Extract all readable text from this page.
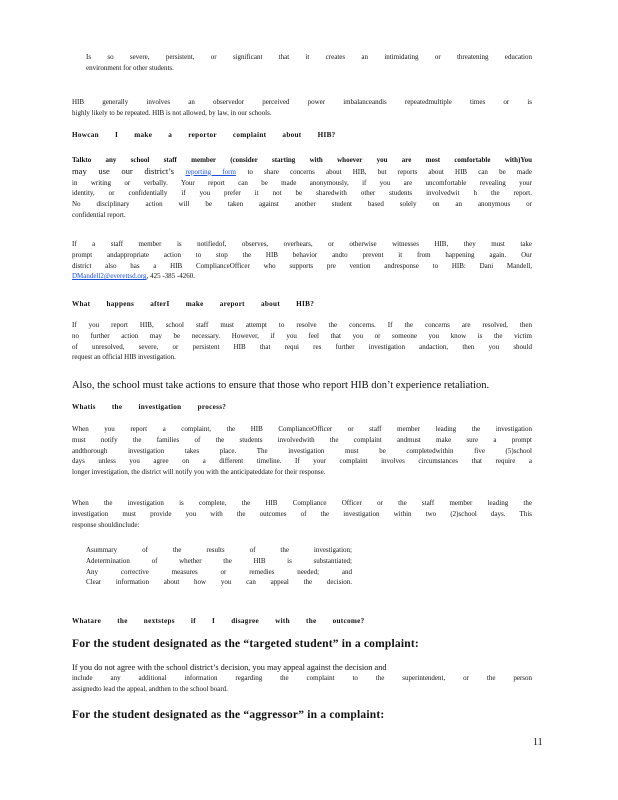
Is so severe, persistent, or significant that it creates an intimidating or threatening education
environment for other students.
HIB generally involves an observedor perceived power imbalanceandis repeatedmultiple times or is
highly likely to be repeated. HIB is not allowed, by law, in our schools.
Howcan I make a reportor complaint about HIB?
Talkto any school staff member (consider starting with whoever you are most comfortable with)You
may use our district’s reporting form to share concerns about HIB, but reports about HIB can be made
in writing or verbally. Your report can be made anonymously, if you are uncomfortable revealing your
identity, or confidentially if you prefer it not be sharedwith other students involvedwit h the report.
No disciplinary action will be taken against another student based solely on an anonymous or
confidential report.
If a staff member is notifiedof, observes, overhears, or otherwise witnesses HIB, they must take
prompt andappropriate action to stop the HIB behavior andto prevent it from happening again. Our
district also has a HIB ComplianceOfficer who supports pre vention andresponse to HIB: Dani Mandell,
DMandell2@everettsd.org, 425 -385 -4260.
What happens afterI make areport about HIB?
If you report HIB, school staff must attempt to resolve the concerns. If the concerns are resolved, then
no further action may be necessary. However, if you feel that you or someone you know is the victim
of unresolved, severe, or persistent HIB that requi res further investigation andaction, then you should
request an official HIB investigation.
Also, the school must take actions to ensure that those who report HIB don’t experience retaliation.
Whatis the investigation process?
When you report a complaint, the HIB ComplianceOfficer or staff member leading the investigation
must notify the families of the students involvedwith the complaint andmust make sure a prompt
andthorough investigation takes place. The investigation must be completedwithin five (5)school
days unless you agree on a different timeline. If your complaint involves circumstances that require a
longer investigation, the district will notify you with the anticipateddate for their response.
When the investigation is complete, the HIB Compliance Officer or the staff member leading the
investigation must provide you with the outcomes of the investigation within two (2)school days. This
response shouldinclude:
Asummary of the results of the investigation;
Adetermination of whether the HIB is substantiated;
Any corrective measures or remedies needed; and
Clear information about how you can appeal the decision.
Whatare the nextsteps if I disagree with the outcome?
For the student designated as the “targeted student” in a complaint:
If you do not agree with the school district’s decision, you may appeal against the decision and
include any additional information regarding the complaint to the superintendent, or the person
assignedto lead the appeal, andthen to the school board.
For the student designated as the “aggressor” in a complaint:
11
